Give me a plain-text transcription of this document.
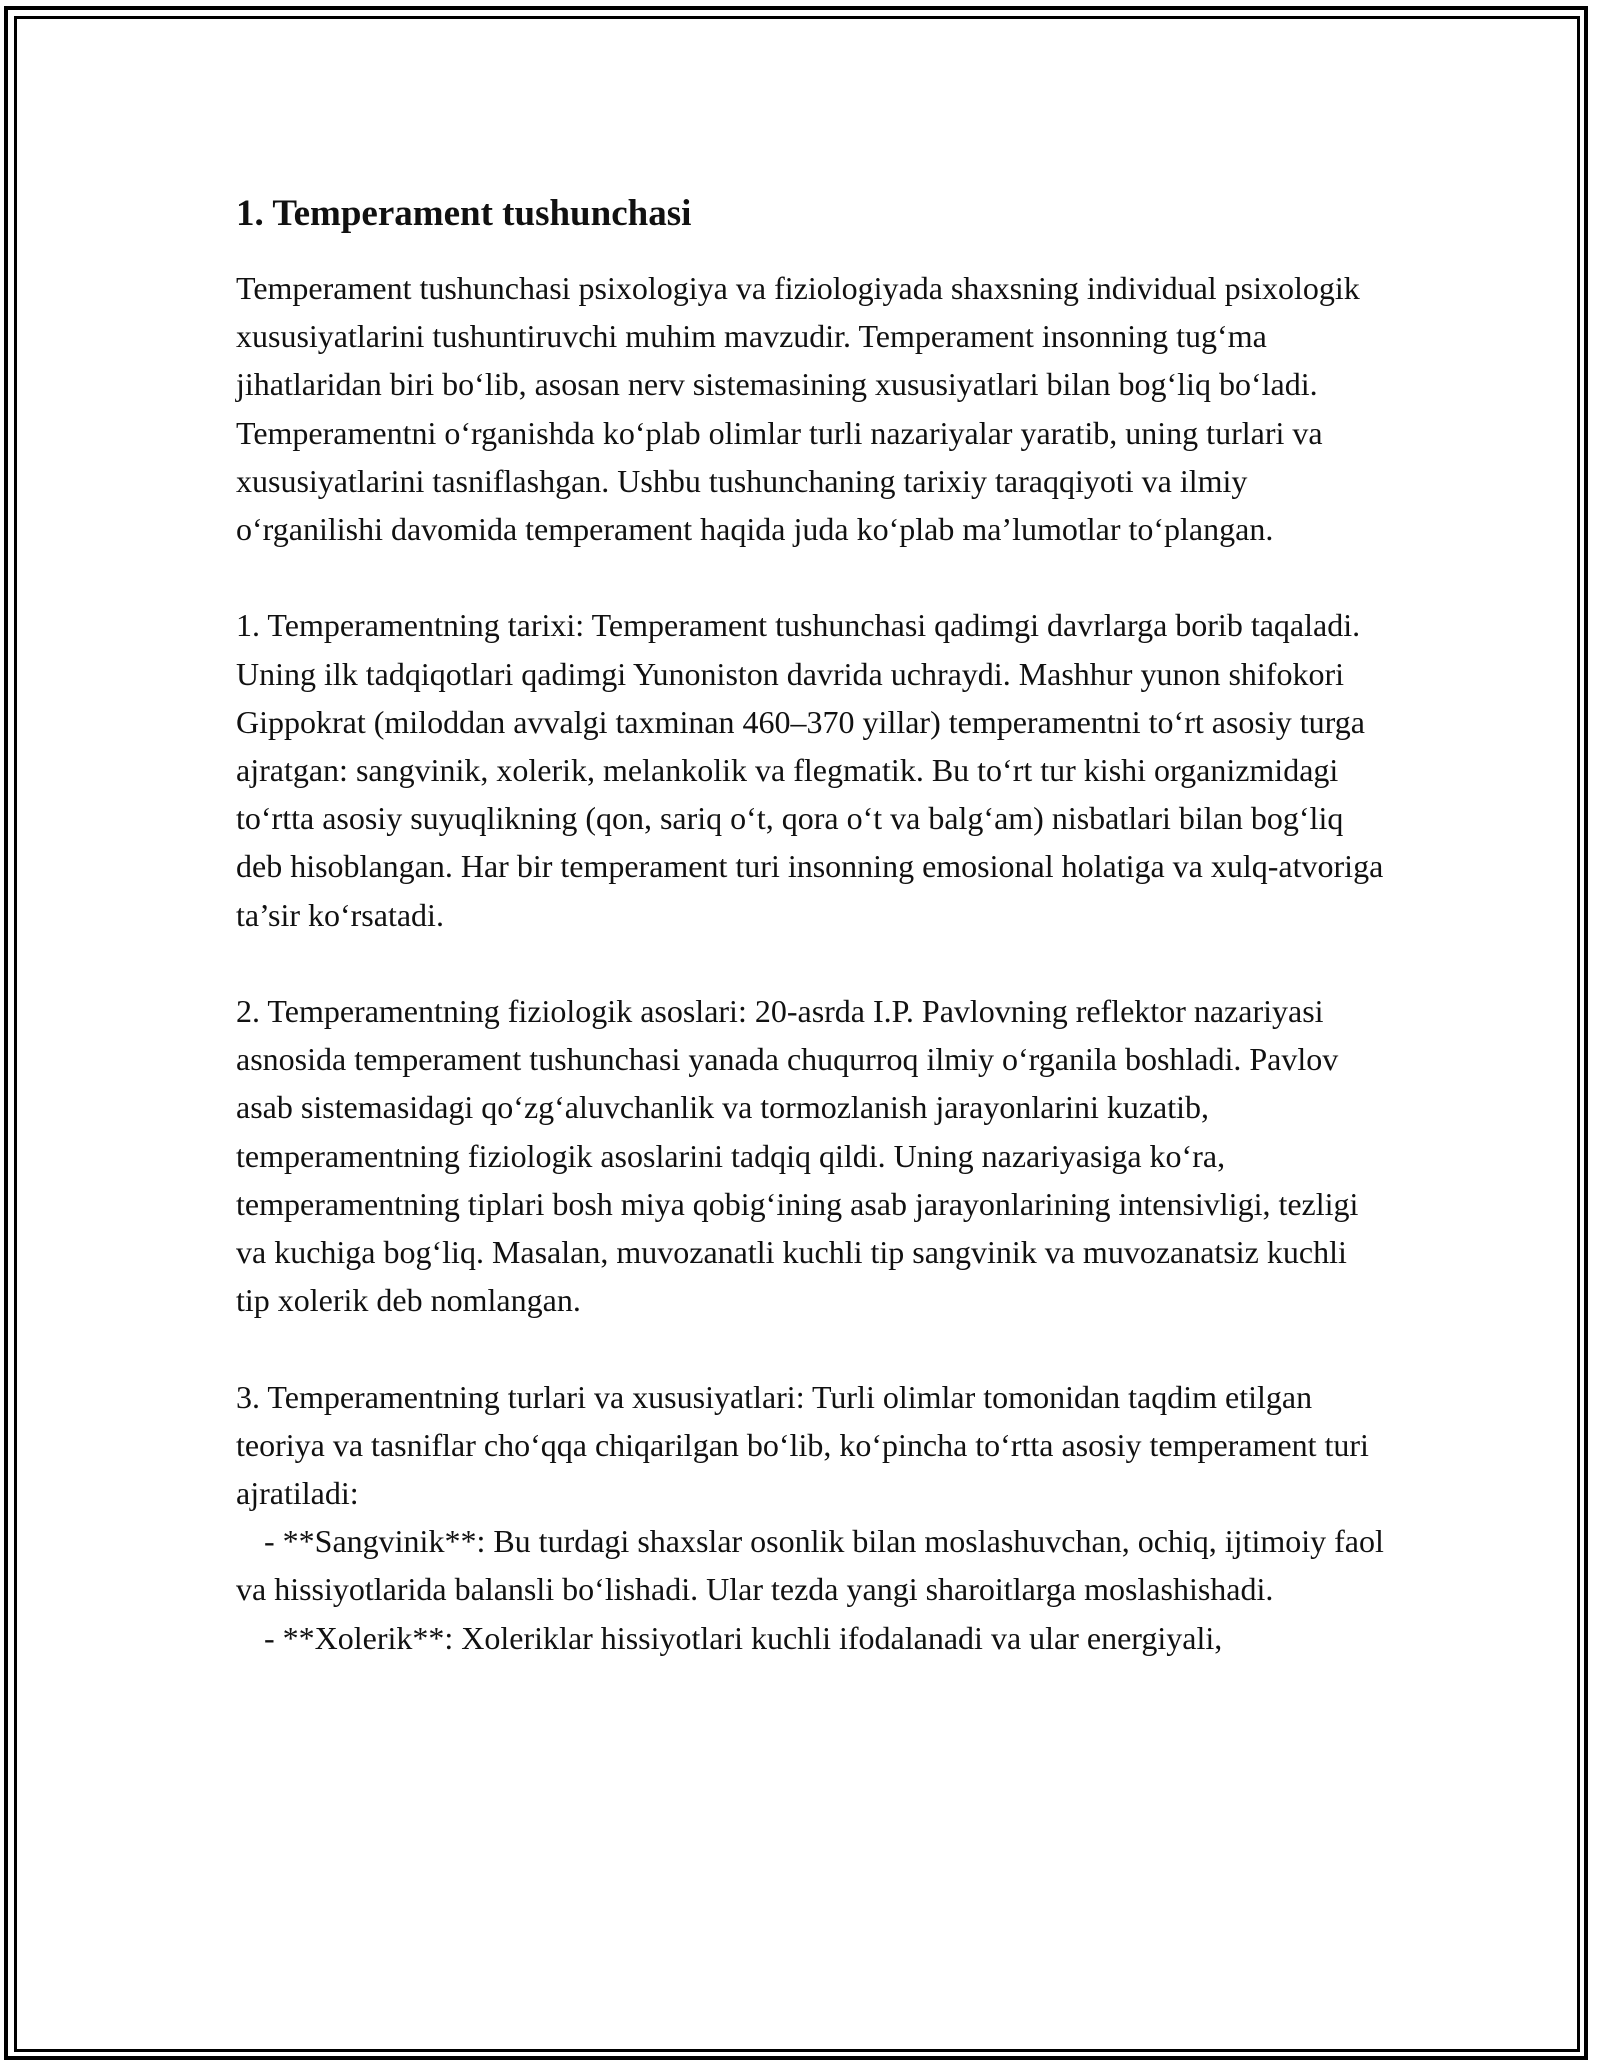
1. Temperament tushunchasi

Temperament tushunchasi psixologiya va fiziologiyada shaxsning individual psixologik xususiyatlarini tushuntiruvchi muhim mavzudir. Temperament insonning tug‘ma jihatlaridan biri bo‘lib, asosan nerv sistemasining xususiyatlari bilan bog‘liq bo‘ladi. Temperamentni o‘rganishda ko‘plab olimlar turli nazariyalar yaratib, uning turlari va xususiyatlarini tasniflashgan. Ushbu tushunchaning tarixiy taraqqiyoti va ilmiy o‘rganilishi davomida temperament haqida juda ko‘plab ma’lumotlar to‘plangan.

1. Temperamentning tarixi: Temperament tushunchasi qadimgi davrlarga borib taqaladi. Uning ilk tadqiqotlari qadimgi Yunoniston davrida uchraydi. Mashhur yunon shifokori Gippokrat (miloddan avvalgi taxminan 460–370 yillar) temperamentni to‘rt asosiy turga ajratgan: sangvinik, xolerik, melankolik va flegmatik. Bu to‘rt tur kishi organizmidagi to‘rtta asosiy suyuqlikning (qon, sariq o‘t, qora o‘t va balg‘am) nisbatlari bilan bog‘liq deb hisoblangan. Har bir temperament turi insonning emosional holatiga va xulq-atvoriga ta’sir ko‘rsatadi.

2. Temperamentning fiziologik asoslari: 20-asrda I.P. Pavlovning reflektor nazariyasi asnosida temperament tushunchasi yanada chuqurroq ilmiy o‘rganila boshladi. Pavlov asab sistemasidagi qo‘zg‘aluvchanlik va tormozlanish jarayonlarini kuzatib, temperamentning fiziologik asoslarini tadqiq qildi. Uning nazariyasiga ko‘ra, temperamentning tiplari bosh miya qobig‘ining asab jarayonlarining intensivligi, tezligi va kuchiga bog‘liq. Masalan, muvozanatli kuchli tip sangvinik va muvozanatsiz kuchli tip xolerik deb nomlangan.

3. Temperamentning turlari va xususiyatlari: Turli olimlar tomonidan taqdim etilgan teoriya va tasniflar cho‘qqa chiqarilgan bo‘lib, ko‘pincha to‘rtta asosiy temperament turi ajratiladi:

- **Sangvinik**: Bu turdagi shaxslar osonlik bilan moslashuvchan, ochiq, ijtimoiy faol va hissiyotlarida balansli bo‘lishadi. Ular tezda yangi sharoitlarga moslashishadi.

- **Xolerik**: Xoleriklar hissiyotlari kuchli ifodalanadi va ular energiyali,
